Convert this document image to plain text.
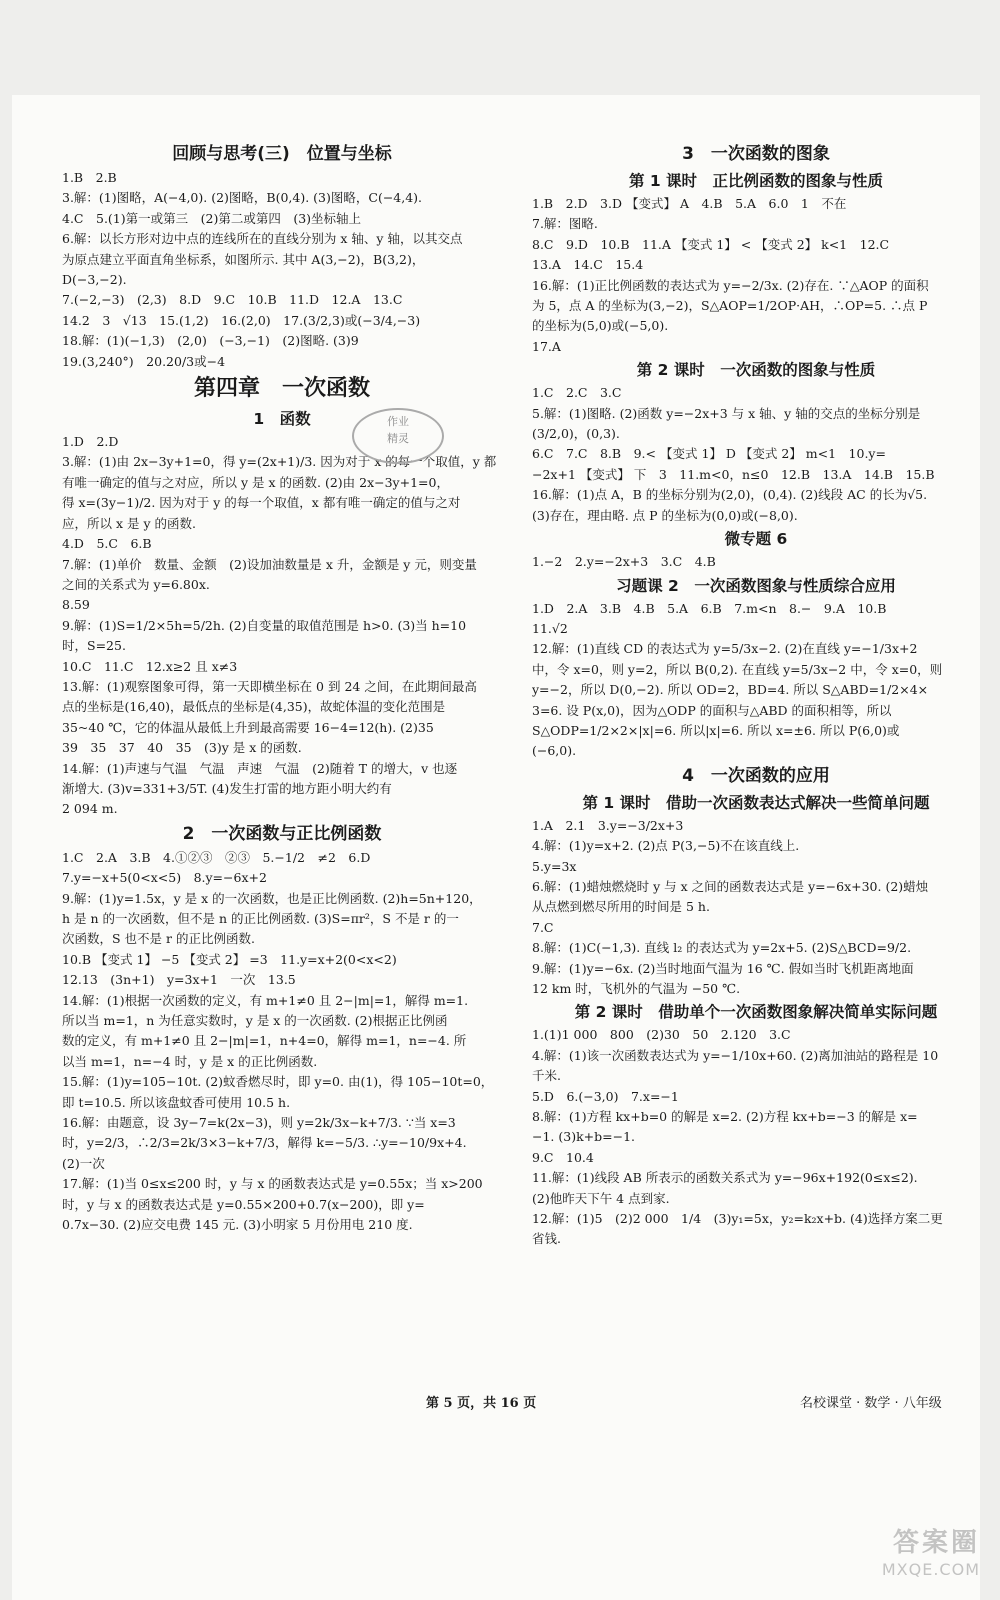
回顾与思考(三)　位置与坐标
1.B　2.B
3.解：(1)图略，A(−4,0). (2)图略，B(0,4). (3)图略，C(−4,4).
4.C　5.(1)第一或第三　(2)第二或第四　(3)坐标轴上
6.解：以长方形对边中点的连线所在的直线分别为 x 轴、y 轴，以其交点
为原点建立平面直角坐标系，如图所示. 其中 A(3,−2)，B(3,2)，
D(−3,−2).
7.(−2,−3)　(2,3)　8.D　9.C　10.B　11.D　12.A　13.C
14.2　3　√13　15.(1,2)　16.(2,0)　17.(3/2,3)或(−3/4,−3)
18.解：(1)(−1,3)　(2,0)　(−3,−1)　(2)图略. (3)9
19.(3,240°)　20.20/3或−4
第四章　一次函数
1　函数
1.D　2.D
3.解：(1)由 2x−3y+1=0，得 y=(2x+1)/3. 因为对于 x 的每一个取值，y 都
有唯一确定的值与之对应，所以 y 是 x 的函数. (2)由 2x−3y+1=0，
得 x=(3y−1)/2. 因为对于 y 的每一个取值，x 都有唯一确定的值与之对
应，所以 x 是 y 的函数.
4.D　5.C　6.B
7.解：(1)单价　数量、金额　(2)设加油数量是 x 升，金额是 y 元，则变量
之间的关系式为 y=6.80x.
8.59
9.解：(1)S=1/2×5h=5/2h. (2)自变量的取值范围是 h>0. (3)当 h=10
时，S=25.
10.C　11.C　12.x≥2 且 x≠3
13.解：(1)观察图象可得，第一天即横坐标在 0 到 24 之间，在此期间最高
点的坐标是(16,40)，最低点的坐标是(4,35)，故蛇体温的变化范围是
35~40 ℃，它的体温从最低上升到最高需要 16−4=12(h). (2)35
39　35　37　40　35　(3)y 是 x 的函数.
14.解：(1)声速与气温　气温　声速　气温　(2)随着 T 的增大，v 也逐
渐增大. (3)v=331+3/5T. (4)发生打雷的地方距小明大约有
2 094 m.
2　一次函数与正比例函数
1.C　2.A　3.B　4.①②③　②③　5.−1/2　≠2　6.D
7.y=−x+5(0<x<5)　8.y=−6x+2
9.解：(1)y=1.5x，y 是 x 的一次函数，也是正比例函数. (2)h=5n+120，
h 是 n 的一次函数，但不是 n 的正比例函数. (3)S=πr²，S 不是 r 的一
次函数，S 也不是 r 的正比例函数.
10.B 【变式 1】 −5 【变式 2】 =3　11.y=x+2(0<x<2)
12.13　(3n+1)　y=3x+1　一次　13.5
14.解：(1)根据一次函数的定义，有 m+1≠0 且 2−|m|=1，解得 m=1.
所以当 m=1，n 为任意实数时，y 是 x 的一次函数. (2)根据正比例函
数的定义，有 m+1≠0 且 2−|m|=1，n+4=0，解得 m=1，n=−4. 所
以当 m=1，n=−4 时，y 是 x 的正比例函数.
15.解：(1)y=105−10t. (2)蚊香燃尽时，即 y=0. 由(1)，得 105−10t=0，
即 t=10.5. 所以该盘蚊香可使用 10.5 h.
16.解：由题意，设 3y−7=k(2x−3)，则 y=2k/3x−k+7/3. ∵当 x=3
时，y=2/3，∴2/3=2k/3×3−k+7/3，解得 k=−5/3. ∴y=−10/9x+4.
(2)一次
17.解：(1)当 0≤x≤200 时，y 与 x 的函数表达式是 y=0.55x；当 x>200
时，y 与 x 的函数表达式是 y=0.55×200+0.7(x−200)，即 y=
0.7x−30. (2)应交电费 145 元. (3)小明家 5 月份用电 210 度.
3　一次函数的图象
第 1 课时　正比例函数的图象与性质
1.B　2.D　3.D 【变式】 A　4.B　5.A　6.0　1　不在
7.解：图略.
8.C　9.D　10.B　11.A 【变式 1】 < 【变式 2】 k<1　12.C
13.A　14.C　15.4
16.解：(1)正比例函数的表达式为 y=−2/3x. (2)存在. ∵△AOP 的面积
为 5，点 A 的坐标为(3,−2)，S△AOP=1/2OP·AH，∴OP=5. ∴点 P
的坐标为(5,0)或(−5,0).
17.A
第 2 课时　一次函数的图象与性质
1.C　2.C　3.C
5.解：(1)图略. (2)函数 y=−2x+3 与 x 轴、y 轴的交点的坐标分别是
(3/2,0)，(0,3).
6.C　7.C　8.B　9.< 【变式 1】 D 【变式 2】 m<1　10.y=
−2x+1 【变式】 下　3　11.m<0，n≤0　12.B　13.A　14.B　15.B
16.解：(1)点 A，B 的坐标分别为(2,0)，(0,4). (2)线段 AC 的长为√5.
(3)存在，理由略. 点 P 的坐标为(0,0)或(−8,0).
微专题 6
1.−2　2.y=−2x+3　3.C　4.B
习题课 2　一次函数图象与性质综合应用
1.D　2.A　3.B　4.B　5.A　6.B　7.m<n　8.−　9.A　10.B
11.√2
12.解：(1)直线 CD 的表达式为 y=5/3x−2. (2)在直线 y=−1/3x+2
中，令 x=0，则 y=2，所以 B(0,2). 在直线 y=5/3x−2 中，令 x=0，则
y=−2，所以 D(0,−2). 所以 OD=2，BD=4. 所以 S△ABD=1/2×4×
3=6. 设 P(x,0)，因为△ODP 的面积与△ABD 的面积相等，所以
S△ODP=1/2×2×|x|=6. 所以|x|=6. 所以 x=±6. 所以 P(6,0)或
(−6,0).
4　一次函数的应用
第 1 课时　借助一次函数表达式解决一些简单问题
1.A　2.1　3.y=−3/2x+3
4.解：(1)y=x+2. (2)点 P(3,−5)不在该直线上.
5.y=3x
6.解：(1)蜡烛燃烧时 y 与 x 之间的函数表达式是 y=−6x+30. (2)蜡烛
从点燃到燃尽所用的时间是 5 h.
7.C
8.解：(1)C(−1,3). 直线 l₂ 的表达式为 y=2x+5. (2)S△BCD=9/2.
9.解：(1)y=−6x. (2)当时地面气温为 16 ℃. 假如当时飞机距离地面
12 km 时，飞机外的气温为 −50 ℃.
第 2 课时　借助单个一次函数图象解决简单实际问题
1.(1)1 000　800　(2)30　50　2.120　3.C
4.解：(1)该一次函数表达式为 y=−1/10x+60. (2)离加油站的路程是 10
千米.
5.D　6.(−3,0)　7.x=−1
8.解：(1)方程 kx+b=0 的解是 x=2. (2)方程 kx+b=−3 的解是 x=
−1. (3)k+b=−1.
9.C　10.4
11.解：(1)线段 AB 所表示的函数关系式为 y=−96x+192(0≤x≤2).
(2)他昨天下午 4 点到家.
12.解：(1)5　(2)2 000　1/4　(3)y₁=5x，y₂=k₂x+b. (4)选择方案二更
省钱.
作业
精灵
第 5 页，共 16 页	名校课堂 · 数学 · 八年级
答案圈
MXQE.COM
